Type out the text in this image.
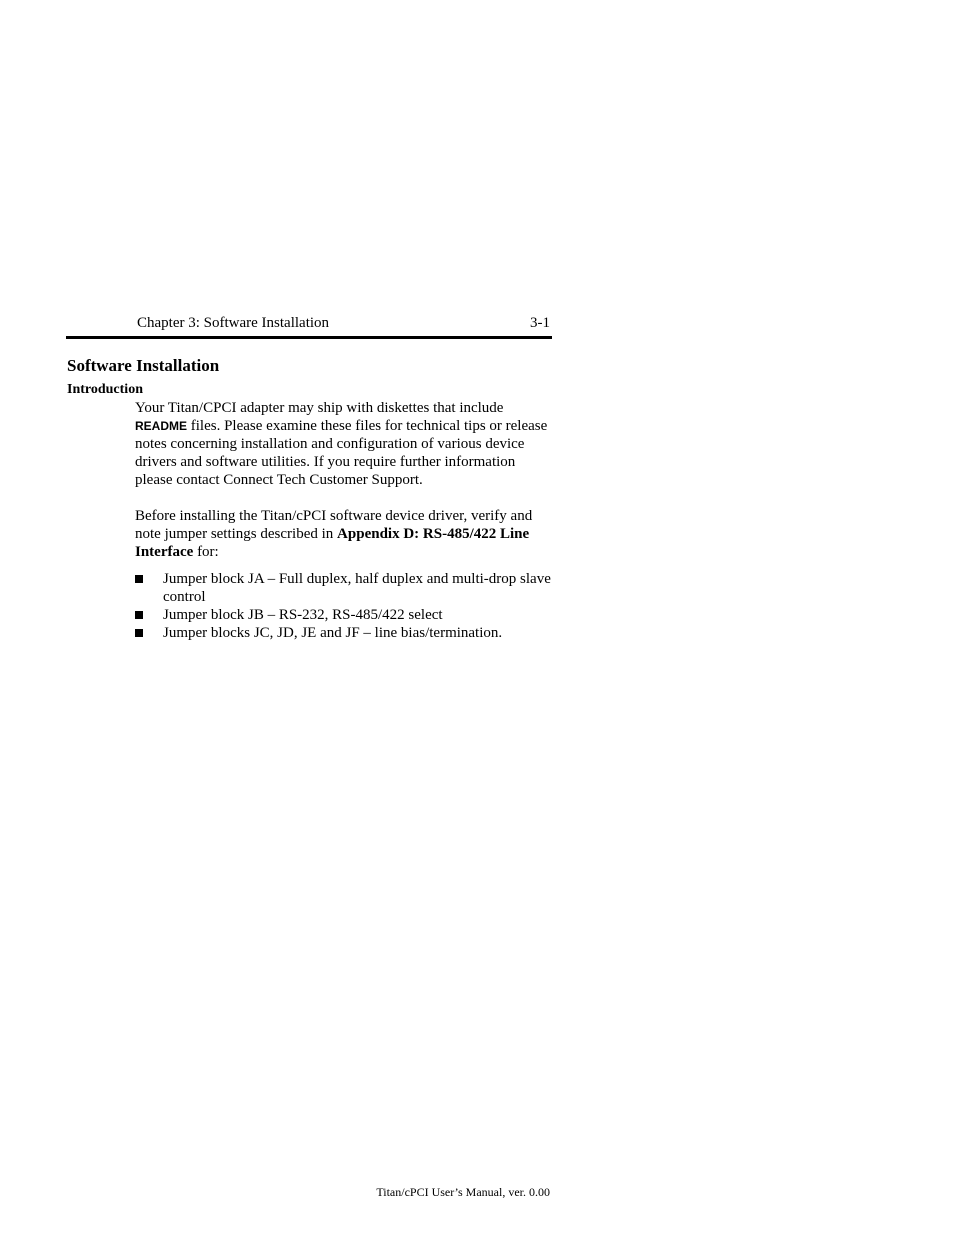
Chapter 3: Software Installation	3-1
Software Installation
Introduction

Your Titan/CPCI adapter may ship with diskettes that include README files. Please examine these files for technical tips or release notes concerning installation and configuration of various device drivers and software utilities. If you require further information please contact Connect Tech Customer Support.

Before installing the Titan/cPCI software device driver, verify and note jumper settings described in Appendix D: RS-485/422 Line Interface for:

Jumper block JA – Full duplex, half duplex and multi-drop slave control
Jumper block JB – RS-232, RS-485/422 select
Jumper blocks JC, JD, JE and JF – line bias/termination.
Titan/cPCI User’s Manual, ver. 0.00
